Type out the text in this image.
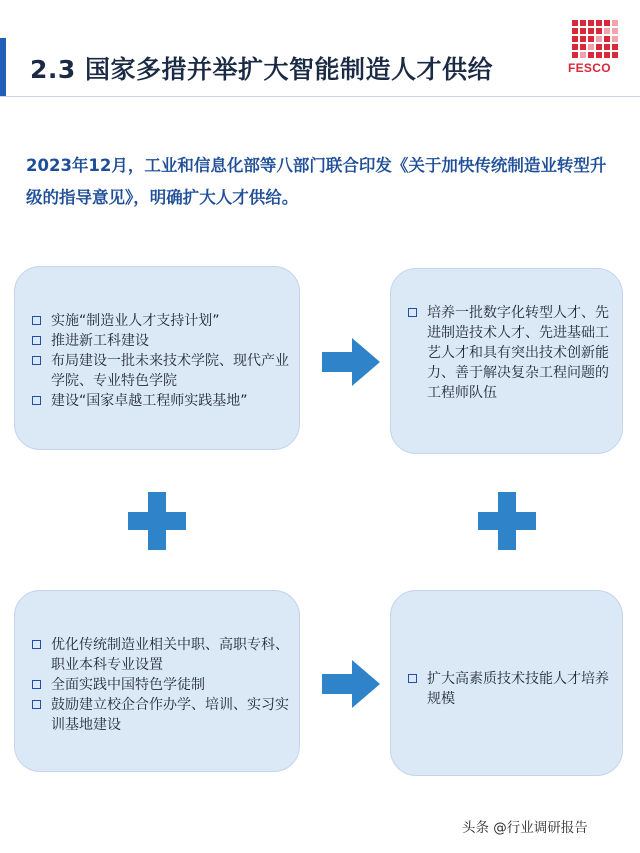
2.3 国家多措并举扩大智能制造人才供给	FESCO
2023年12月，工业和信息化部等八部门联合印发《关于加快传统制造业转型升级的指导意见》，明确扩大人才供给。
实施“制造业人才支持计划”
推进新工科建设
布局建设一批未来技术学院、现代产业学院、专业特色学院
建设“国家卓越工程师实践基地”
培养一批数字化转型人才、先进制造技术人才、先进基础工艺人才和具有突出技术创新能力、善于解决复杂工程问题的工程师队伍
优化传统制造业相关中职、高职专科、职业本科专业设置
全面实践中国特色学徒制
鼓励建立校企合作办学、培训、实习实训基地建设
扩大高素质技术技能人才培养规模
头条 @行业调研报告
